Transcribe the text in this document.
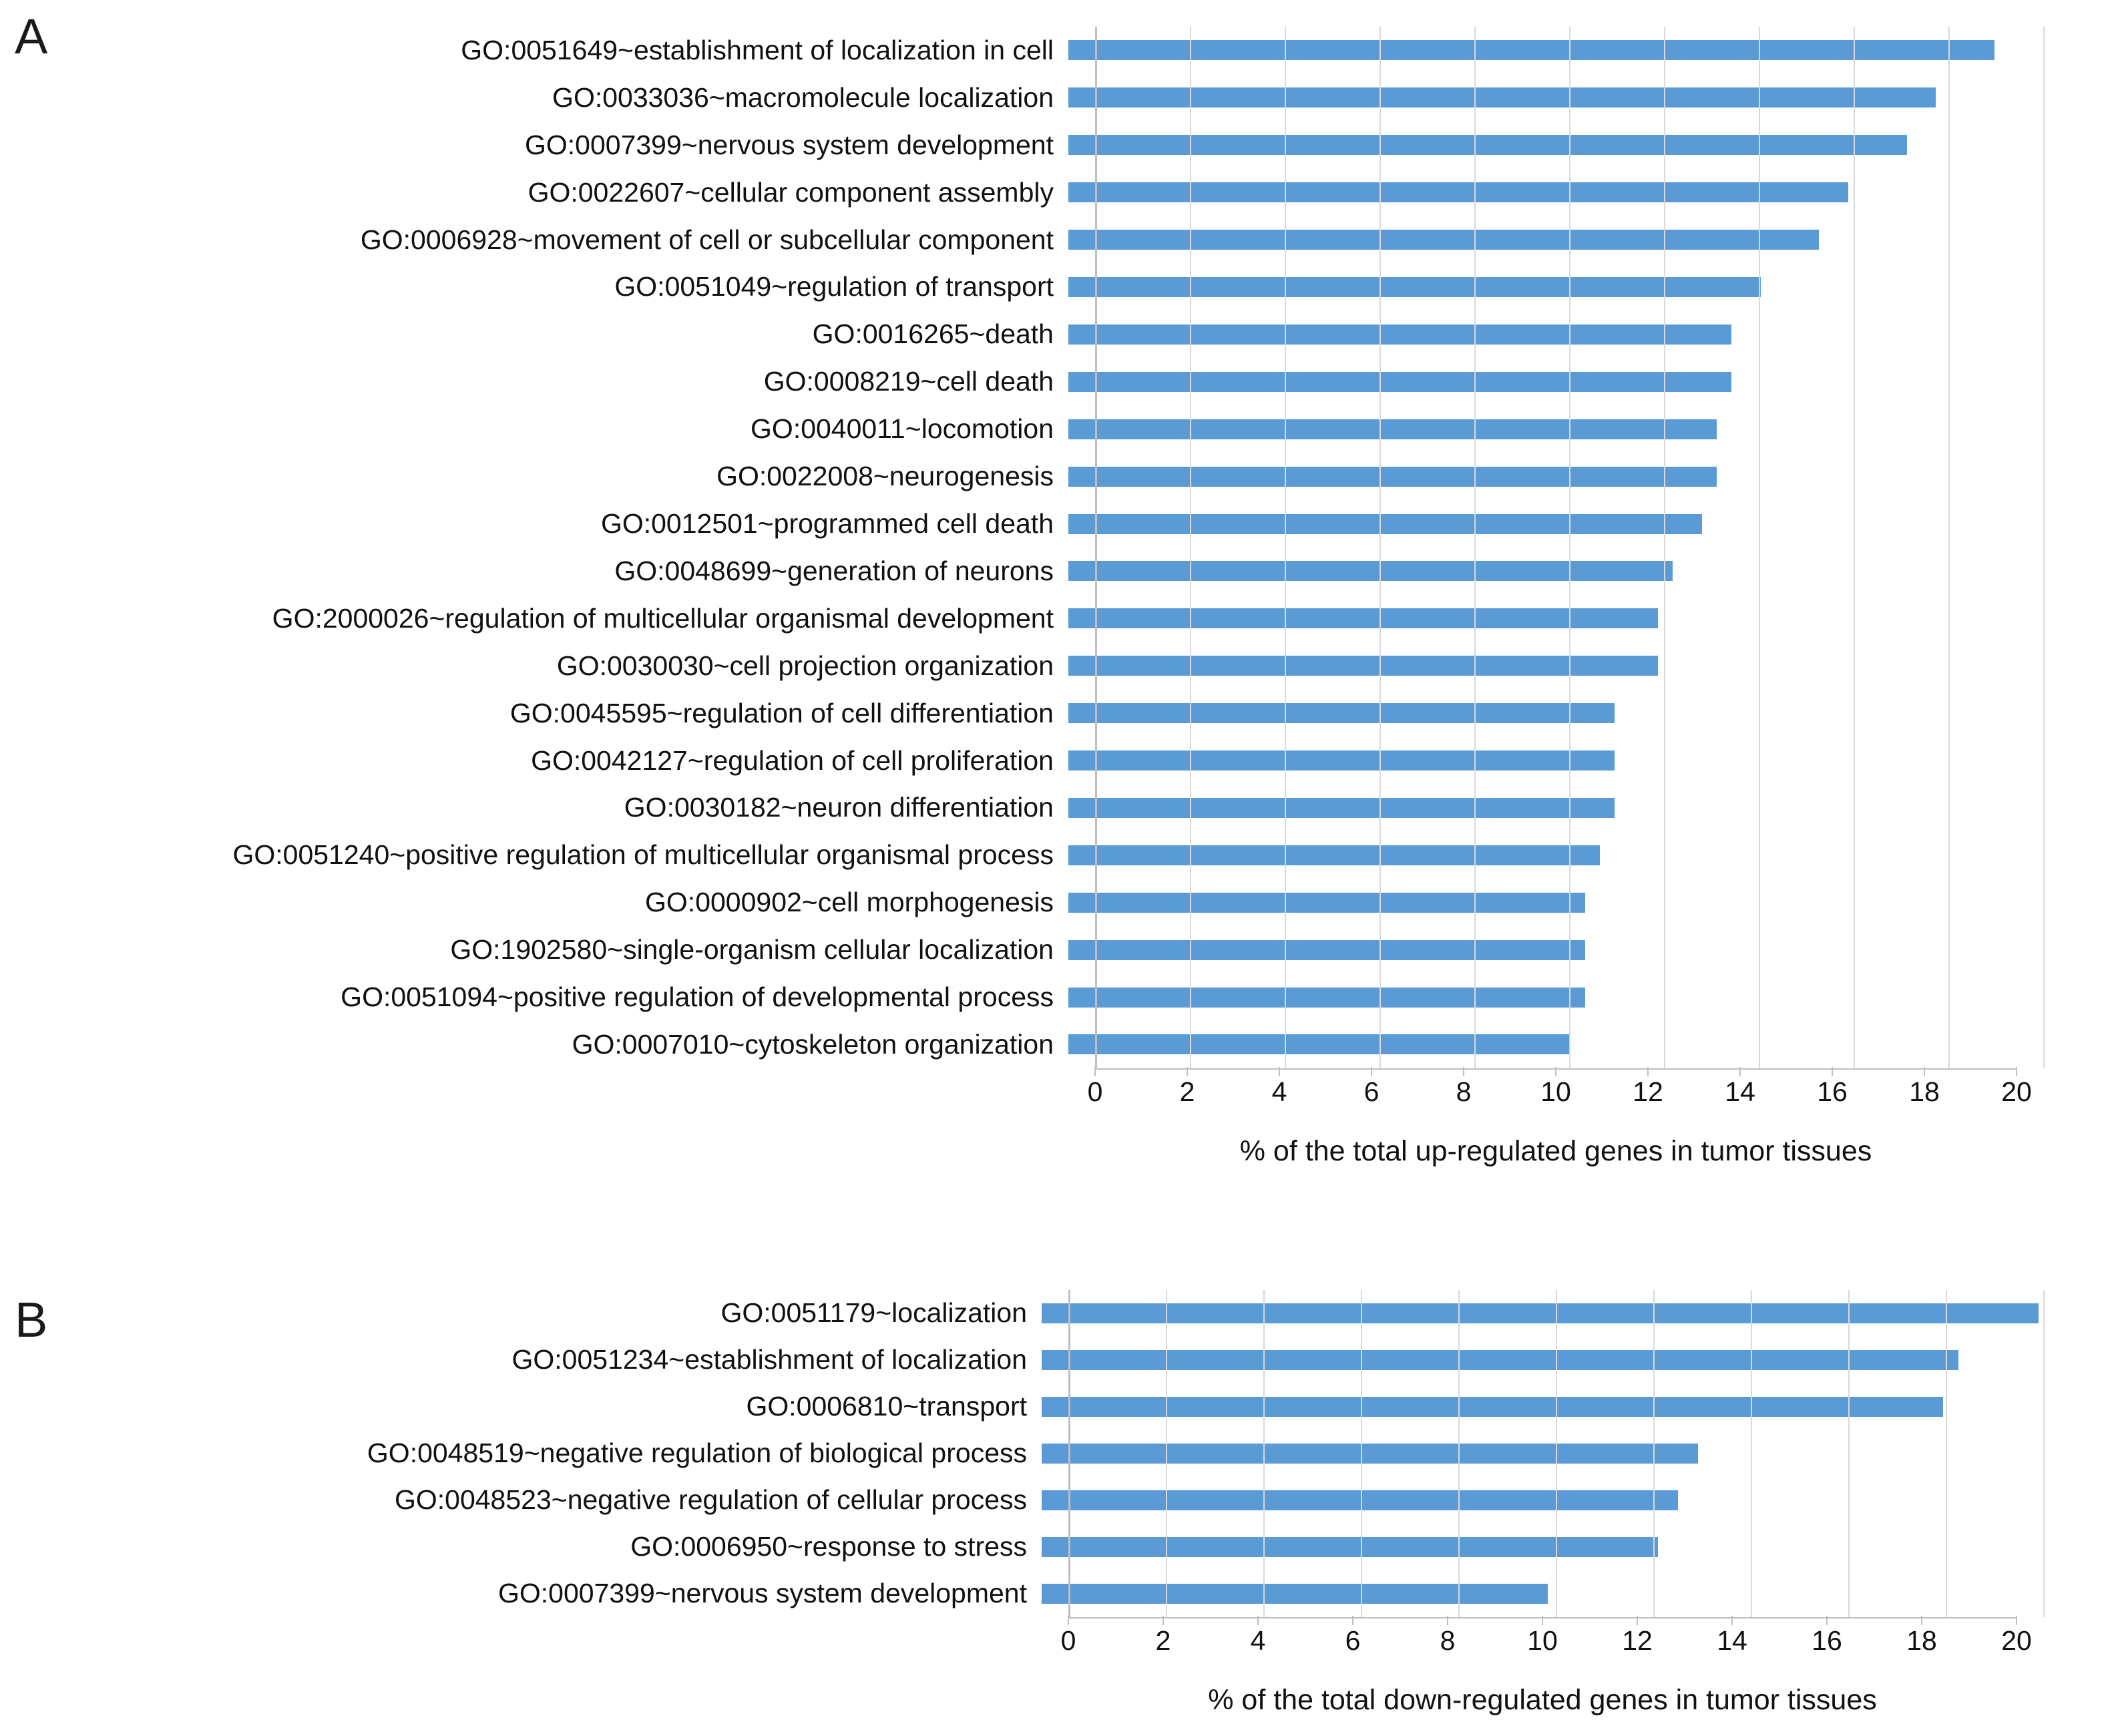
A	GO:0051649~establishment of localization in cell
GO:0033036~macromolecule localization
GO:0007399~nervous system development
GO:0022607~cellular component assembly
GO:0006928~movement of cell or subcellular component
GO:0051049~regulation of transport
GO:0016265~death
GO:0008219~cell death
GO:0040011~locomotion
GO:0022008~neurogenesis
GO:0012501~programmed cell death
GO:0048699~generation of neurons
GO:2000026~regulation of multicellular organismal development
GO:0030030~cell projection organization
GO:0045595~regulation of cell differentiation
GO:0042127~regulation of cell proliferation
GO:0030182~neuron differentiation
GO:0051240~positive regulation of multicellular organismal process
GO:0000902~cell morphogenesis
GO:1902580~single-organism cellular localization
GO:0051094~positive regulation of developmental process
GO:0007010~cytoskeleton organization
0	2	4	6	8	10 12 14 16 18 20
% of the total up-regulated genes in tumor tissues
B	GO:0051179~localization
GO:0051234~establishment of localization
GO:0006810~transport
GO:0048519~negative regulation of biological process
GO:0048523~negative regulation of cellular process
GO:0006950~response to stress
GO:0007399~nervous system development
0	2	4	6	8	10 12 14 16 18 20
% of the total down-regulated genes in tumor tissues
